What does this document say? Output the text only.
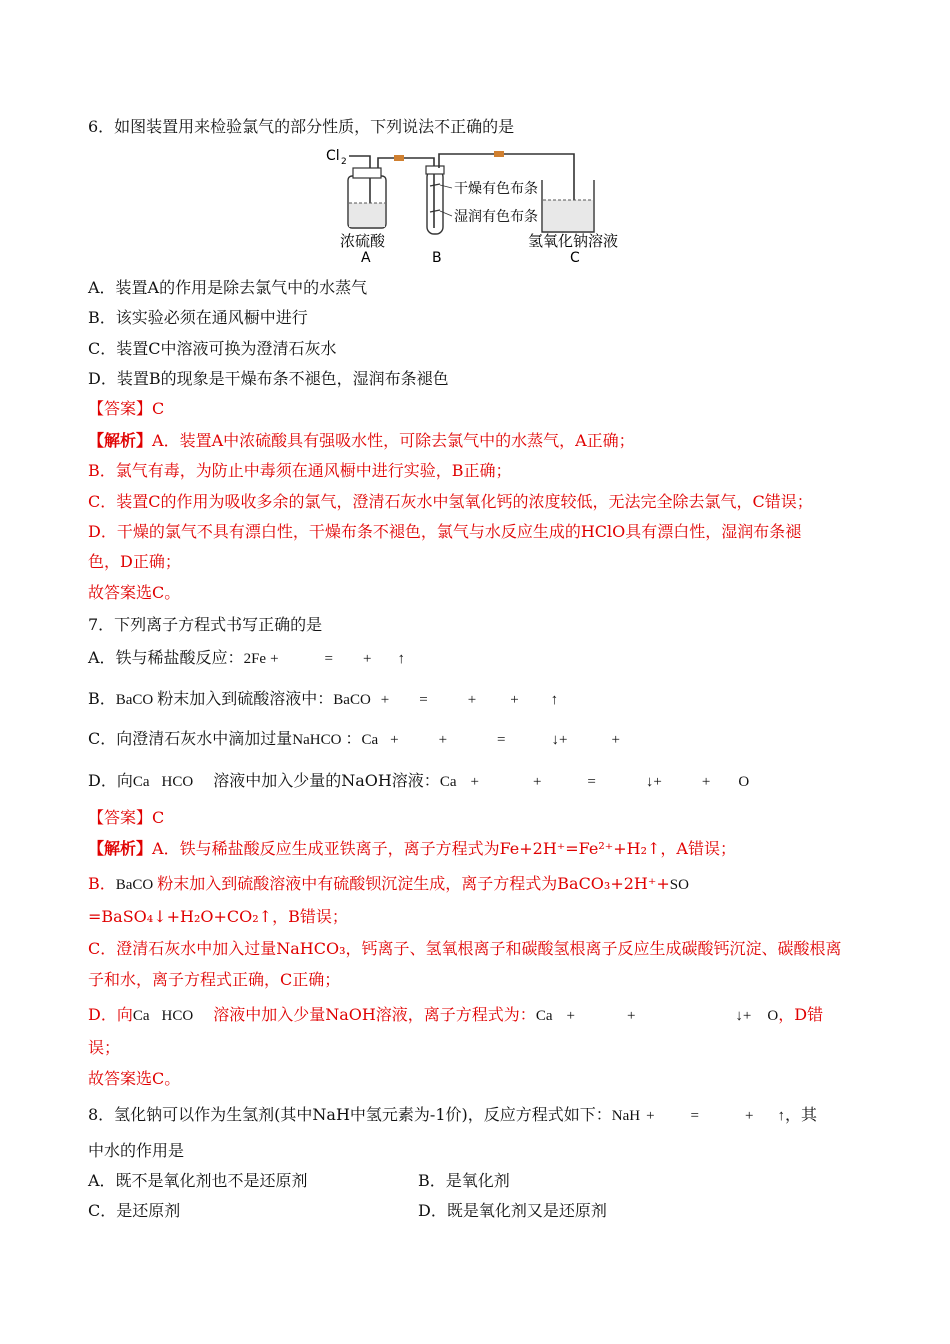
6．如图装置用来检验氯气的部分性质，下列说法不正确的是
Cl 2
干燥有色布条
湿润有色布条
浓硫酸	氢氧化钠溶液
A	B	C
A．装置A的作用是除去氯气中的水蒸气
B．该实验必须在通风橱中进行
C．装置C中溶液可换为澄清石灰水
D．装置B的现象是干燥布条不褪色，湿润布条褪色
【答案】C
【解析】A．装置A中浓硫酸具有强吸水性，可除去氯气中的水蒸气，A正确；
B．氯气有毒，为防止中毒须在通风橱中进行实验，B正确；
C．装置C的作用为吸收多余的氯气，澄清石灰水中氢氧化钙的浓度较低，无法完全除去氯气，C错误；
D．干燥的氯气不具有漂白性，干燥布条不褪色，氯气与水反应生成的HClO具有漂白性，湿润布条褪
色，D正确；
故答案选C。
7．下列离子方程式书写正确的是
A．铁与稀盐酸反应：2Fe +	= + ↑
B．BaCO 粉末加入到硫酸溶液中：BaCO + =	+ + ↑
C．向澄清石灰水中滴加过量NaHCO ：Ca +	+	=	↓+	+
D．向Ca HCO 溶液中加入少量的NaOH溶液：Ca +	+	=	↓+	+ O
【答案】C
【解析】A．铁与稀盐酸反应生成亚铁离子，离子方程式为Fe+2H⁺=Fe²⁺+H₂↑，A错误；
B．BaCO 粉末加入到硫酸溶液中有硫酸钡沉淀生成，离子方程式为BaCO₃+2H⁺+SO
=BaSO₄↓+H₂O+CO₂↑，B错误；
C．澄清石灰水中加入过量NaHCO₃，钙离子、氢氧根离子和碳酸氢根离子反应生成碳酸钙沉淀、碳酸根离
子和水，离子方程式正确，C正确；
D．向Ca HCO 溶液中加入少量NaOH溶液，离子方程式为：Ca +	+	↓+ O，D错
误；
故答案选C。
8．氢化钠可以作为生氢剂(其中NaH中氢元素为-1价)，反应方程式如下：NaH + =	+ ↑，其
中水的作用是
A．既不是氧化剂也不是还原剂	B．是氧化剂
C．是还原剂	D．既是氧化剂又是还原剂
